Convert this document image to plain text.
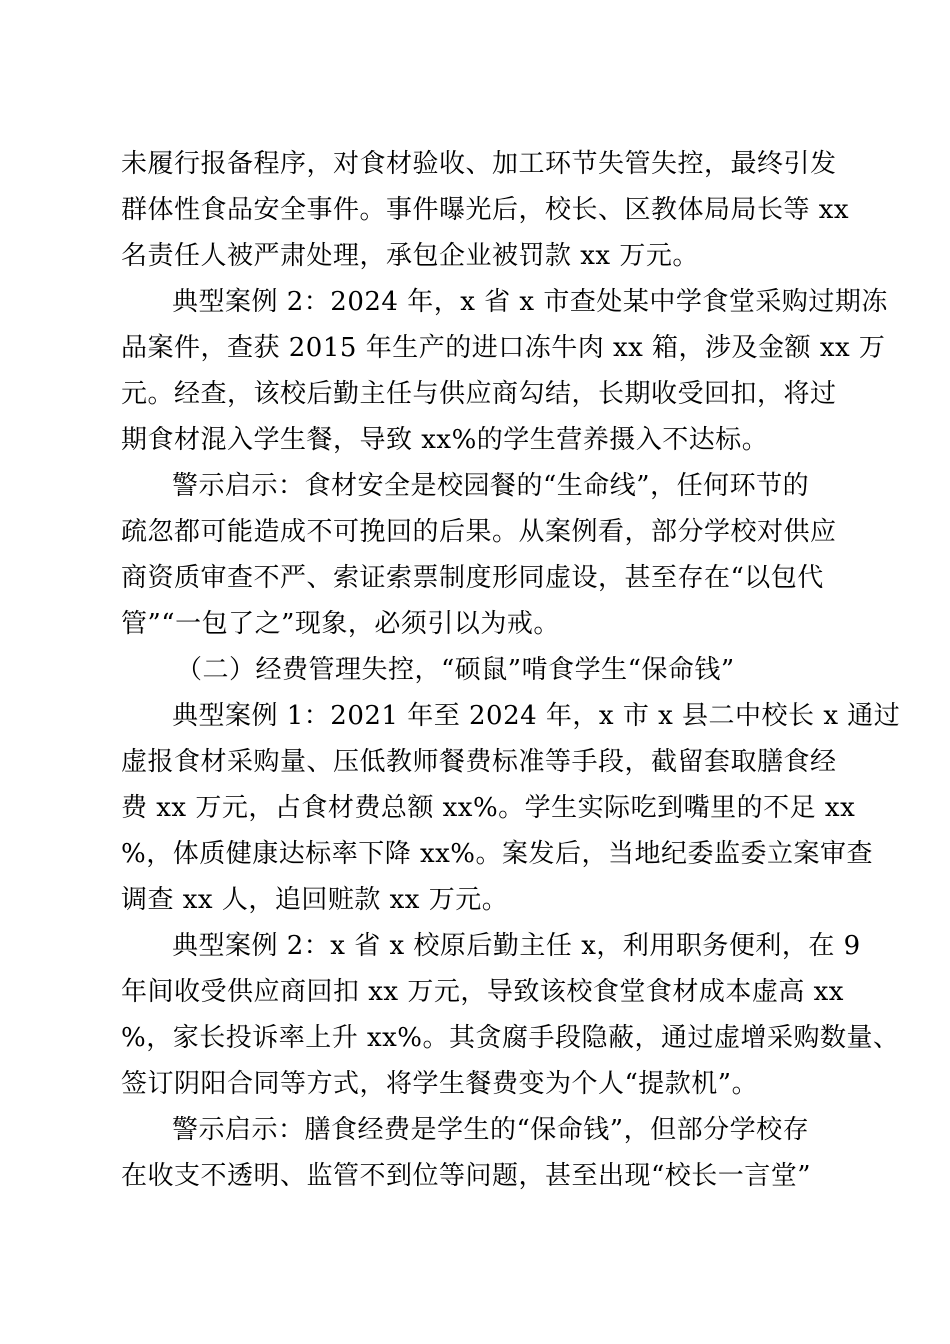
未履行报备程序，对食材验收、加工环节失管失控，最终引发
群体性食品安全事件。事件曝光后，校长、区教体局局长等 xx
名责任人被严肃处理，承包企业被罚款 xx 万元。
典型案例 2：2024 年，x 省 x 市查处某中学食堂采购过期冻
品案件，查获 2015 年生产的进口冻牛肉 xx 箱，涉及金额 xx 万
元。经查，该校后勤主任与供应商勾结，长期收受回扣，将过
期食材混入学生餐，导致 xx%的学生营养摄入不达标。
警示启示：食材安全是校园餐的“生命线”，任何环节的
疏忽都可能造成不可挽回的后果。从案例看，部分学校对供应
商资质审查不严、索证索票制度形同虚设，甚至存在“以包代
管”“一包了之”现象，必须引以为戒。
（二）经费管理失控，“硕鼠”啃食学生“保命钱”
典型案例 1：2021 年至 2024 年，x 市 x 县二中校长 x 通过
虚报食材采购量、压低教师餐费标准等手段，截留套取膳食经
费 xx 万元，占食材费总额 xx%。学生实际吃到嘴里的不足 xx
%，体质健康达标率下降 xx%。案发后，当地纪委监委立案审查
调查 xx 人，追回赃款 xx 万元。
典型案例 2：x 省 x 校原后勤主任 x，利用职务便利，在 9
年间收受供应商回扣 xx 万元，导致该校食堂食材成本虚高 xx
%，家长投诉率上升 xx%。其贪腐手段隐蔽，通过虚增采购数量、
签订阴阳合同等方式，将学生餐费变为个人“提款机”。
警示启示：膳食经费是学生的“保命钱”，但部分学校存
在收支不透明、监管不到位等问题，甚至出现“校长一言堂”
